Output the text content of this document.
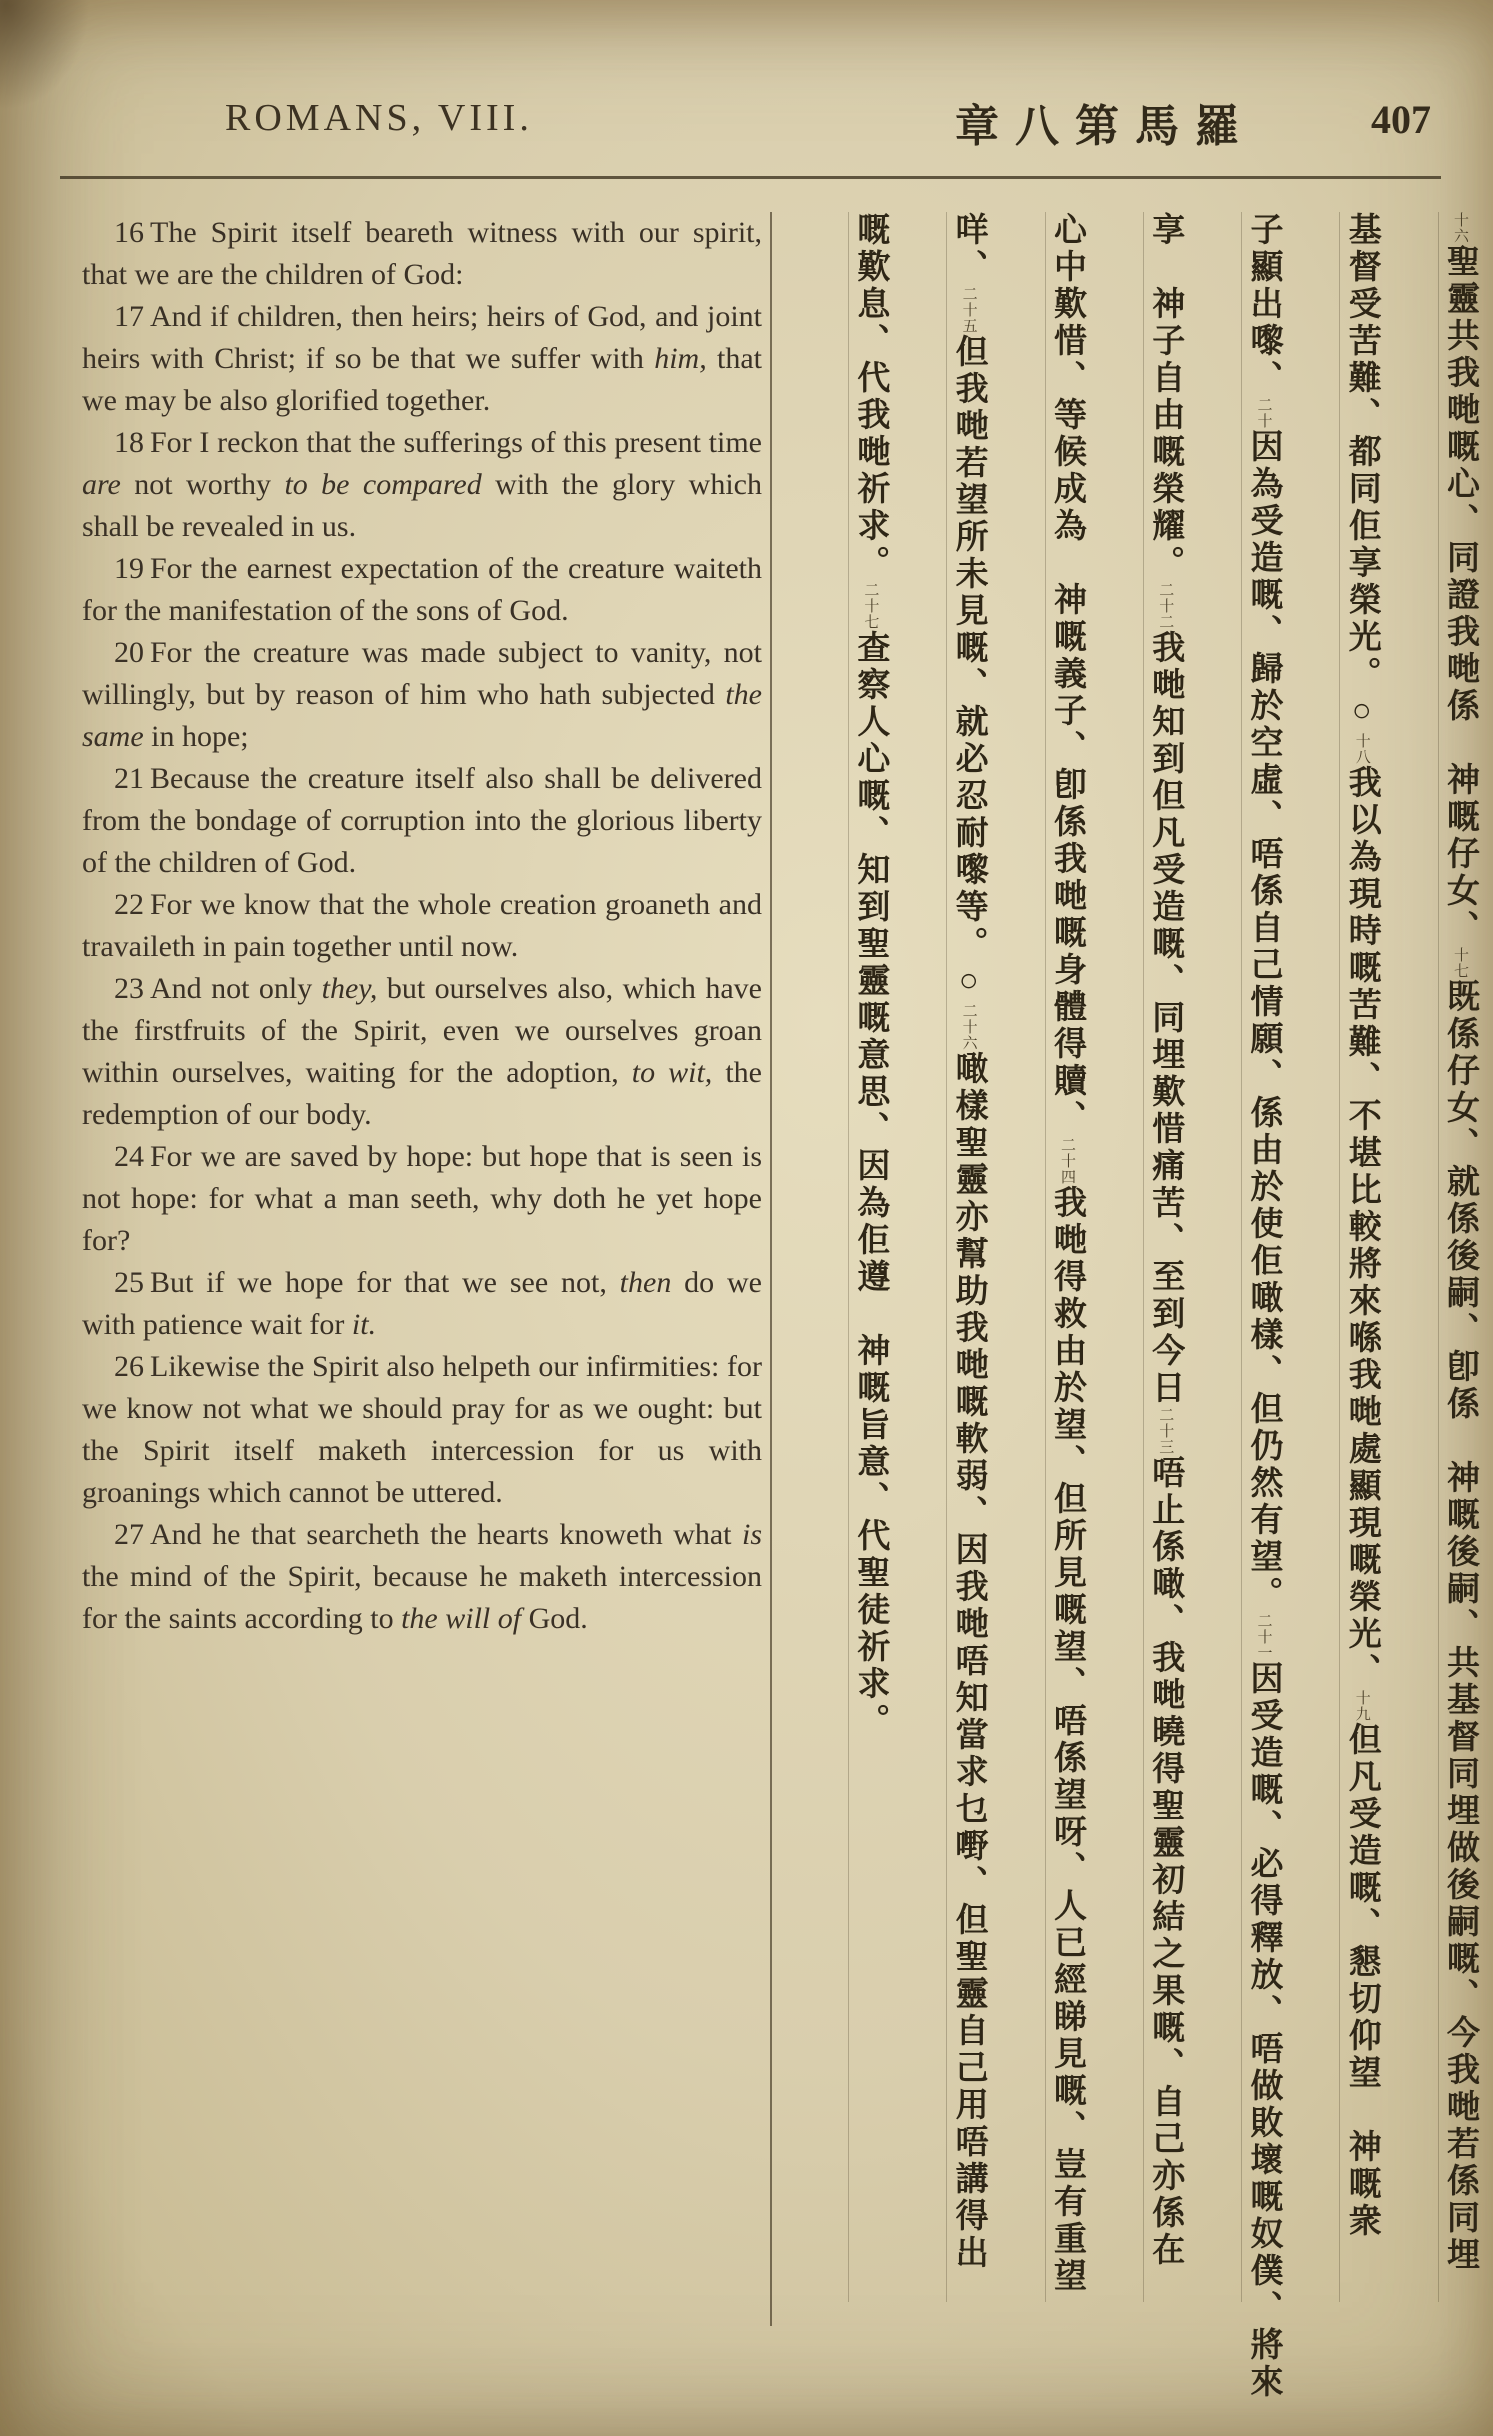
ROMANS, VIII.	章八第馬羅	407

16 The Spirit itself beareth witness with our spirit, that we are the children of God:

17 And if children, then heirs; heirs of God, and joint heirs with Christ; if so be that we suffer with him, that we may be also glorified together.

18 For I reckon that the sufferings of this present time are not worthy to be compared with the glory which shall be revealed in us.

19 For the earnest expectation of the creature waiteth for the manifestation of the sons of God.

20 For the creature was made subject to vanity, not willingly, but by reason of him who hath subjected the same in hope;

21 Because the creature itself also shall be delivered from the bondage of corruption into the glorious liberty of the children of God.

22 For we know that the whole creation groaneth and travaileth in pain together until now.

23 And not only they, but ourselves also, which have the firstfruits of the Spirit, even we ourselves groan within ourselves, waiting for the adoption, to wit, the redemption of our body.

24 For we are saved by hope: but hope that is seen is not hope: for what a man seeth, why doth he yet hope for?

25 But if we hope for that we see not, then do we with patience wait for it.

26 Likewise the Spirit also helpeth our infirmities: for we know not what we should pray for as we ought: but the Spirit itself maketh intercession for us with groanings which cannot be uttered.

27 And he that searcheth the hearts knoweth what is the mind of the Spirit, because he maketh intercession for the saints according to the will of God.

十六聖靈共我哋嘅心、同證我哋係　神嘅仔女、十七既係仔女、就係後嗣、卽係　神嘅後嗣、共基督同埋做後嗣嘅、今我哋若係同埋
基督受苦難、都同佢享榮光。○十八我以為現時嘅苦難、不堪比較將來喺我哋處顯現嘅榮光、十九但凡受造嘅、懇切仰望　神嘅衆
子顯出嚟、二十因為受造嘅、歸於空虛、唔係自己情願、係由於使佢噉樣、但仍然有望。二十一因受造嘅、必得釋放、唔做敗壞嘅奴僕、將來
享　神子自由嘅榮耀。二十二我哋知到但凡受造嘅、同埋歎惜痛苦、至到今日二十三唔止係噉、我哋曉得聖靈初結之果嘅、自己亦係在
心中歎惜、等候成為　神嘅義子、卽係我哋嘅身體得贖、二十四我哋得救由於望、但所見嘅望、唔係望呀、人已經睇見嘅、豈有重望
咩、二十五但我哋若望所未見嘅、就必忍耐嚟等。○二十六噉樣聖靈亦幫助我哋嘅軟弱、因我哋唔知當求乜嘢、但聖靈自己用唔講得出
嘅歎息、代我哋祈求。二十七查察人心嘅、知到聖靈嘅意思、因為佢遵　神嘅旨意、代聖徒祈求。
